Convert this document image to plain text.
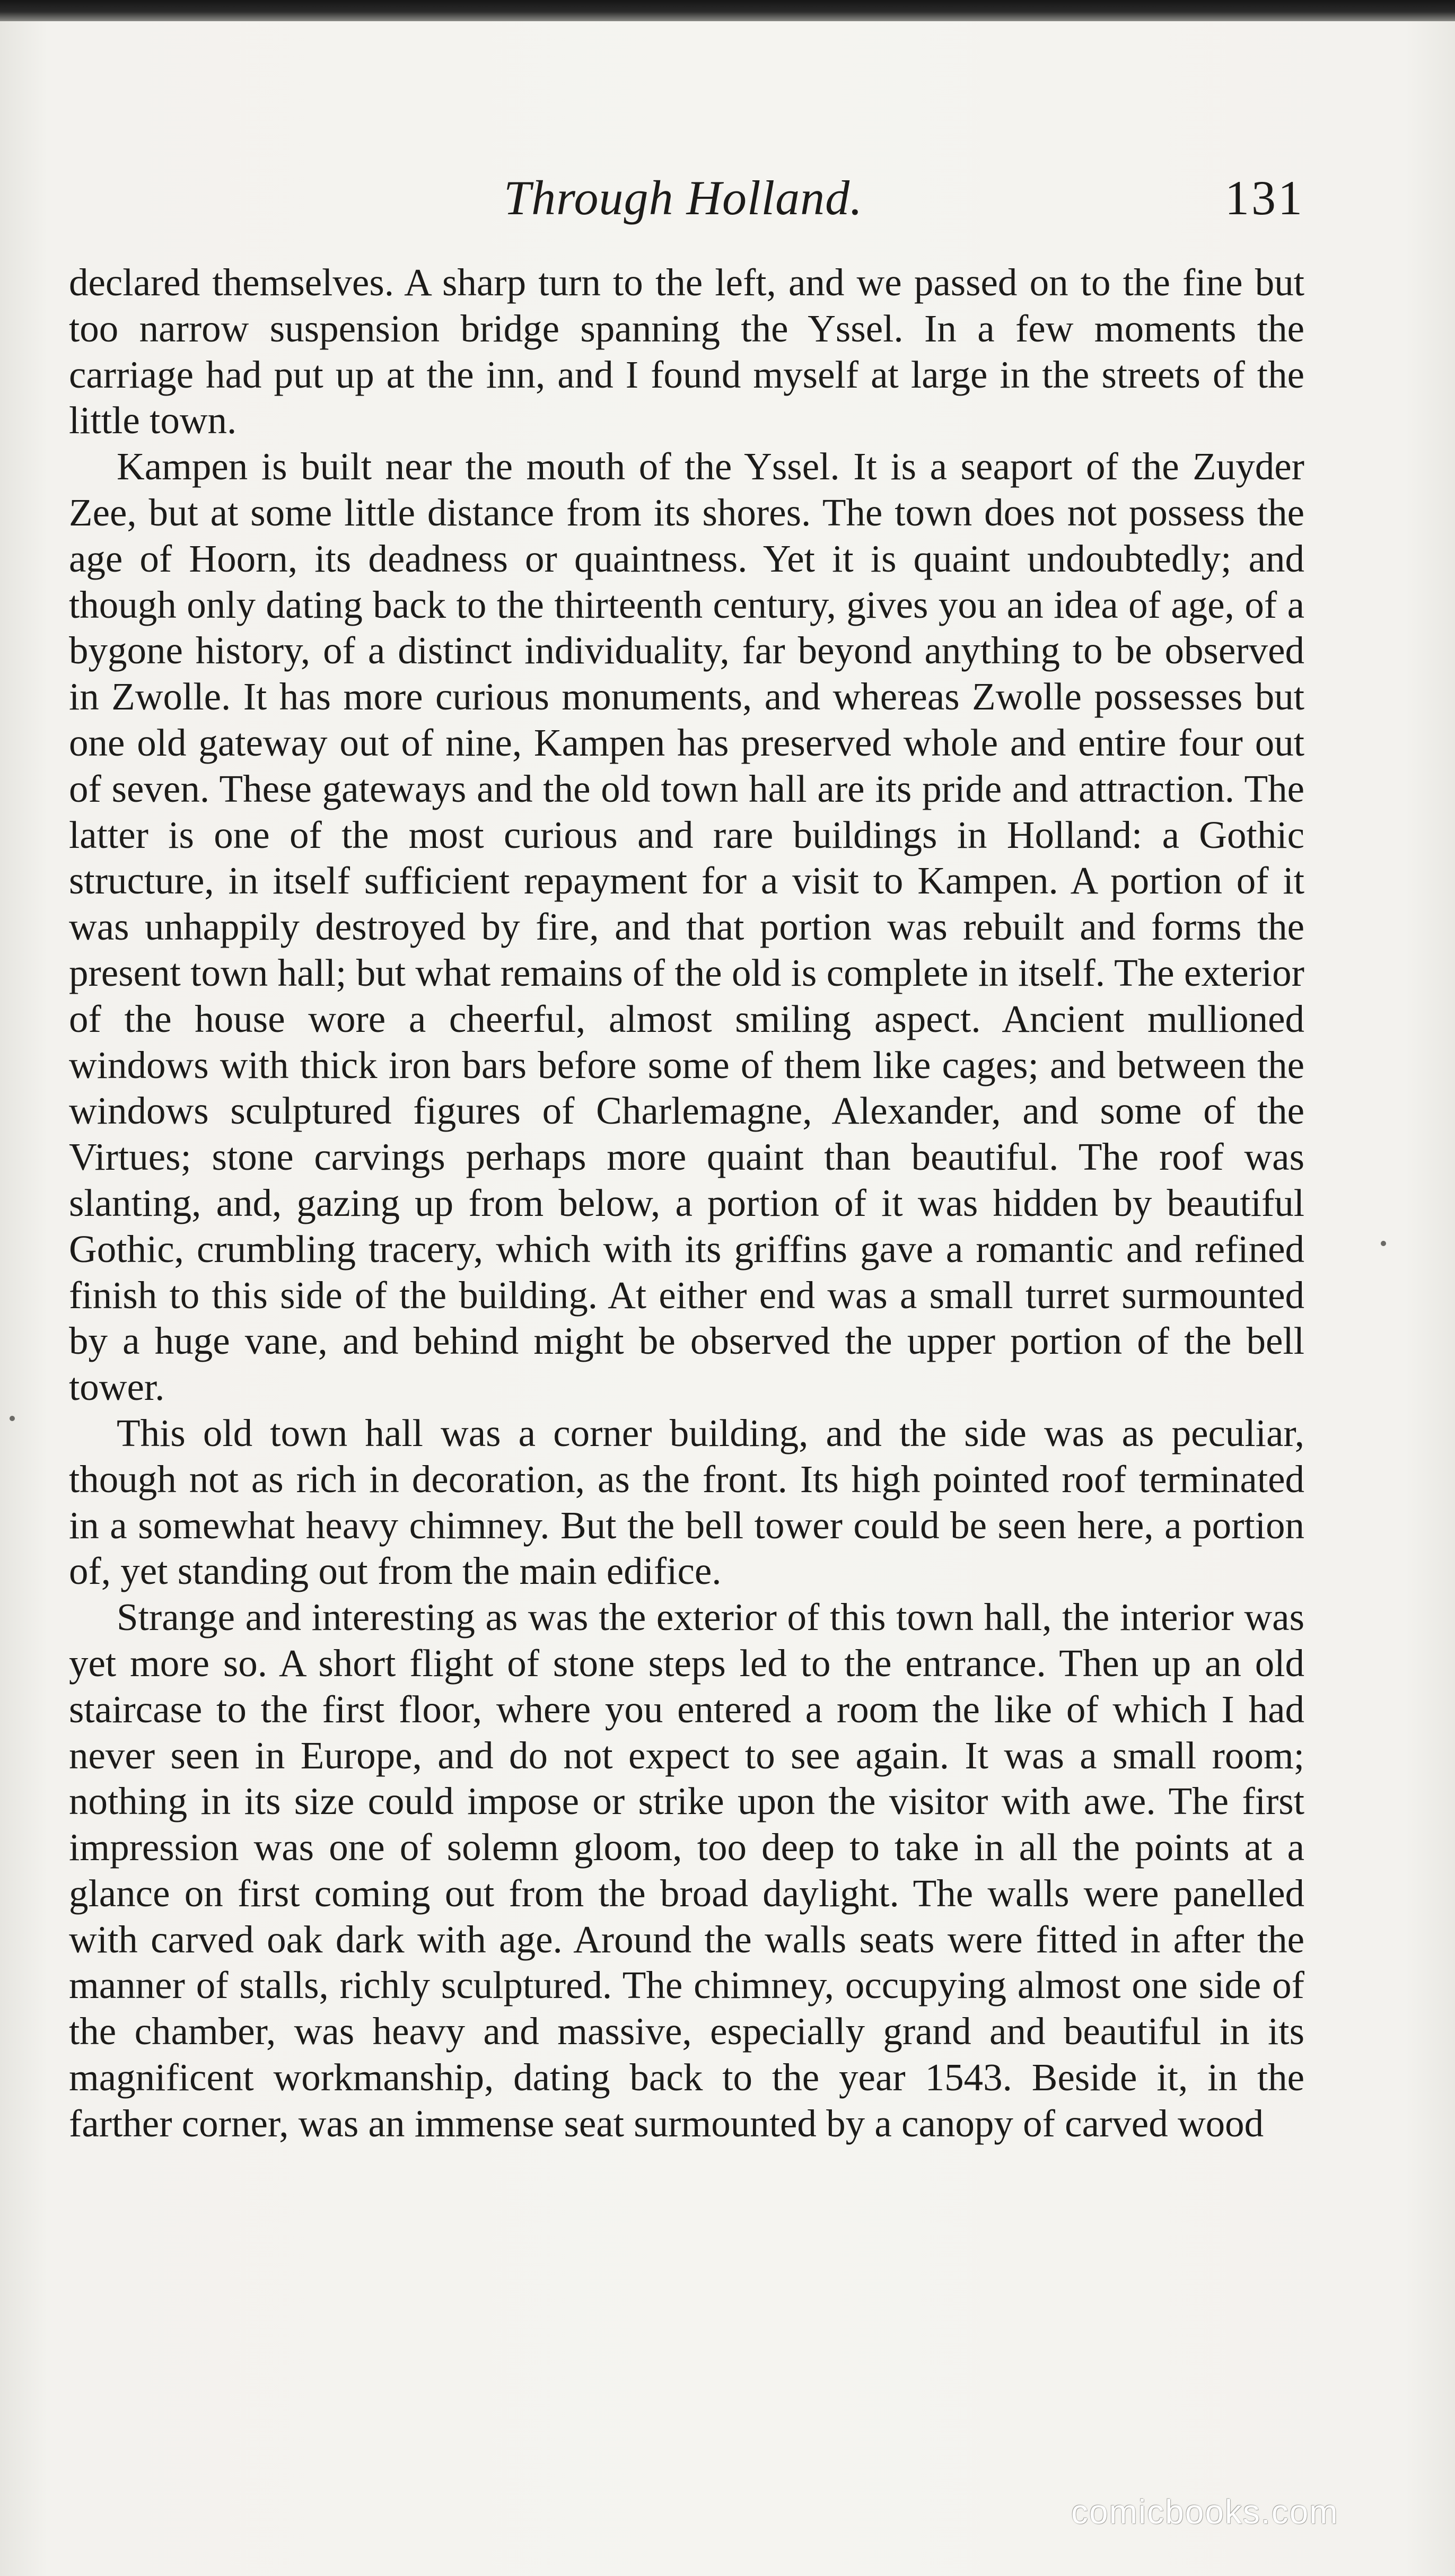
Through Holland.	131

declared themselves. A sharp turn to the left, and we passed on to the fine but too narrow suspension bridge spanning the Yssel. In a few moments the carriage had put up at the inn, and I found myself at large in the streets of the little town.

Kampen is built near the mouth of the Yssel. It is a seaport of the Zuyder Zee, but at some little distance from its shores. The town does not possess the age of Hoorn, its deadness or quaintness. Yet it is quaint undoubtedly; and though only dating back to the thirteenth century, gives you an idea of age, of a bygone history, of a distinct individuality, far beyond anything to be observed in Zwolle. It has more curious monuments, and whereas Zwolle possesses but one old gateway out of nine, Kampen has preserved whole and entire four out of seven. These gateways and the old town hall are its pride and attraction. The latter is one of the most curious and rare buildings in Holland: a Gothic structure, in itself sufficient repayment for a visit to Kampen. A portion of it was unhappily destroyed by fire, and that portion was rebuilt and forms the present town hall; but what remains of the old is complete in itself. The exterior of the house wore a cheerful, almost smiling aspect. Ancient mullioned windows with thick iron bars before some of them like cages; and between the windows sculptured figures of Charlemagne, Alexander, and some of the Virtues; stone carvings perhaps more quaint than beautiful. The roof was slanting, and, gazing up from below, a portion of it was hidden by beautiful Gothic, crumbling tracery, which with its griffins gave a romantic and refined finish to this side of the building. At either end was a small turret surmounted by a huge vane, and behind might be observed the upper portion of the bell tower.

This old town hall was a corner building, and the side was as peculiar, though not as rich in decoration, as the front. Its high pointed roof terminated in a somewhat heavy chimney. But the bell tower could be seen here, a portion of, yet standing out from the main edifice.

Strange and interesting as was the exterior of this town hall, the interior was yet more so. A short flight of stone steps led to the entrance. Then up an old staircase to the first floor, where you entered a room the like of which I had never seen in Europe, and do not expect to see again. It was a small room; nothing in its size could impose or strike upon the visitor with awe. The first impression was one of solemn gloom, too deep to take in all the points at a glance on first coming out from the broad daylight. The walls were panelled with carved oak dark with age. Around the walls seats were fitted in after the manner of stalls, richly sculptured. The chimney, occupying almost one side of the chamber, was heavy and massive, especially grand and beautiful in its magnificent workmanship, dating back to the year 1543. Beside it, in the farther corner, was an immense seat surmounted by a canopy of carved wood

comicbooks.com
